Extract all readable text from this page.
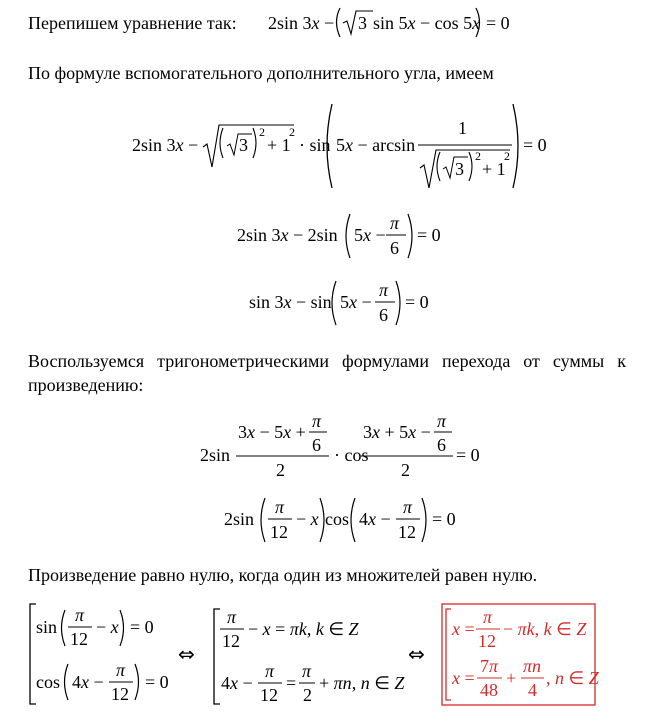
Перепишем уравнение так:
По формуле вспомогательного дополнительного угла, имеем
Воспользуемся тригонометрическими формулами перехода от суммы к
произведению:
Произведение равно нулю, когда один из множителей равен нулю.
2sin 3x − 3 sin 5x − cos 5x = 0
2sin 3x − 3
2
+ 1
2
· sin 5x − arcsin
1
3
2
+ 1
2
= 0
2sin 3x − 2sin 5x −
π
6
= 0
sin 3x − sin 5x −
π
6
= 0
2sin
3x − 5x +
π
6
2
· cos
3x + 5x −
π
6
2
= 0
2sin
π
12
− x cos 4x −
π
12
= 0
sin
π
12
− x = 0
cos 4x −
π
12
= 0
⇔
π
12
− x = πk, k ∈ Z
4x −
π
12
=
π
2
+ πn, n ∈ Z
⇔
x =
π
12
− πk, k ∈ Z
x =
7π
48
+
πn
4
, n ∈ Z
